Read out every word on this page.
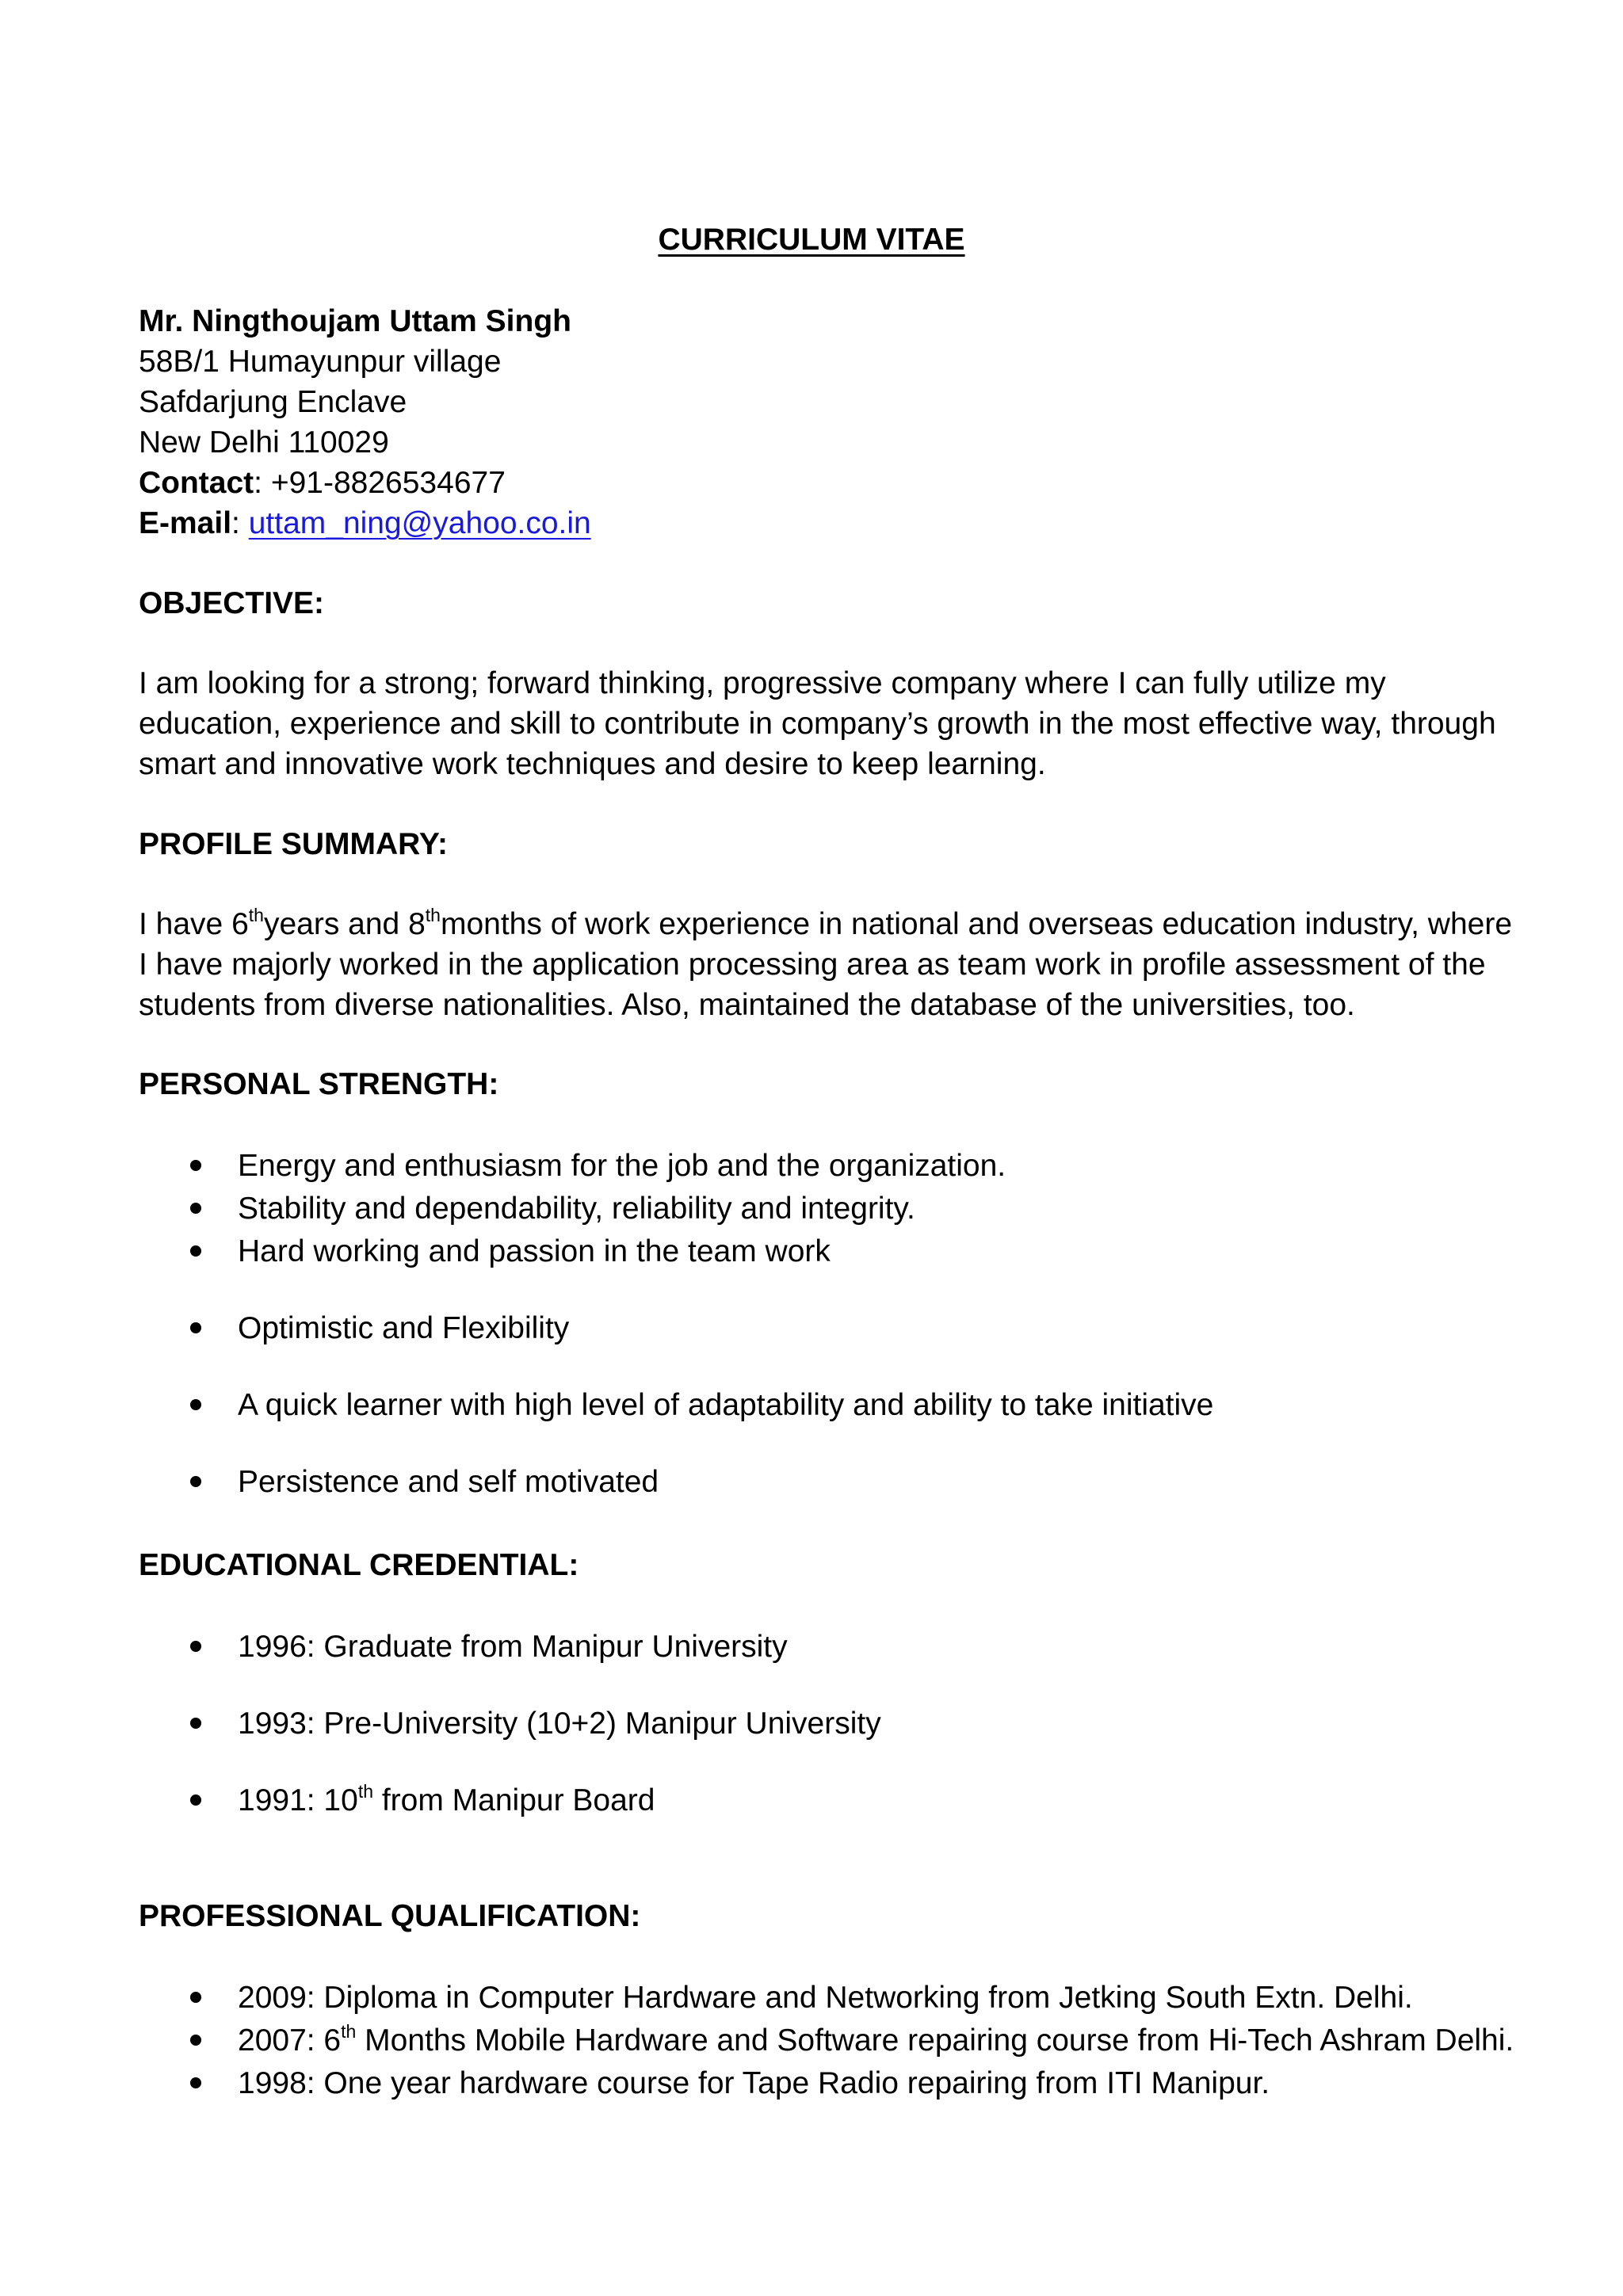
CURRICULUM VITAE
Mr. Ningthoujam Uttam Singh
58B/1 Humayunpur village
Safdarjung Enclave
New Delhi 110029
Contact: +91-8826534677
E-mail: uttam_ning@yahoo.co.in
OBJECTIVE:
I am looking for a strong; forward thinking, progressive company where I can fully utilize my education, experience and skill to contribute in company’s growth in the most effective way, through smart and innovative work techniques and desire to keep learning.
PROFILE SUMMARY:
I have 6thyears and 8thmonths of work experience in national and overseas education industry, where I have majorly worked in the application processing area as team work in profile assessment of the students from diverse nationalities. Also, maintained the database of the universities, too.
PERSONAL STRENGTH:
Energy and enthusiasm for the job and the organization.
Stability and dependability, reliability and integrity.
Hard working and passion in the team work
Optimistic and Flexibility
A quick learner with high level of adaptability and ability to take initiative
Persistence and self motivated
EDUCATIONAL CREDENTIAL:
1996: Graduate from Manipur University
1993: Pre-University (10+2) Manipur University
1991: 10th from Manipur Board
PROFESSIONAL QUALIFICATION:
2009: Diploma in Computer Hardware and Networking from Jetking South Extn. Delhi.
2007: 6th Months Mobile Hardware and Software repairing course from Hi-Tech Ashram Delhi.
1998: One year hardware course for Tape Radio repairing from ITI Manipur.
